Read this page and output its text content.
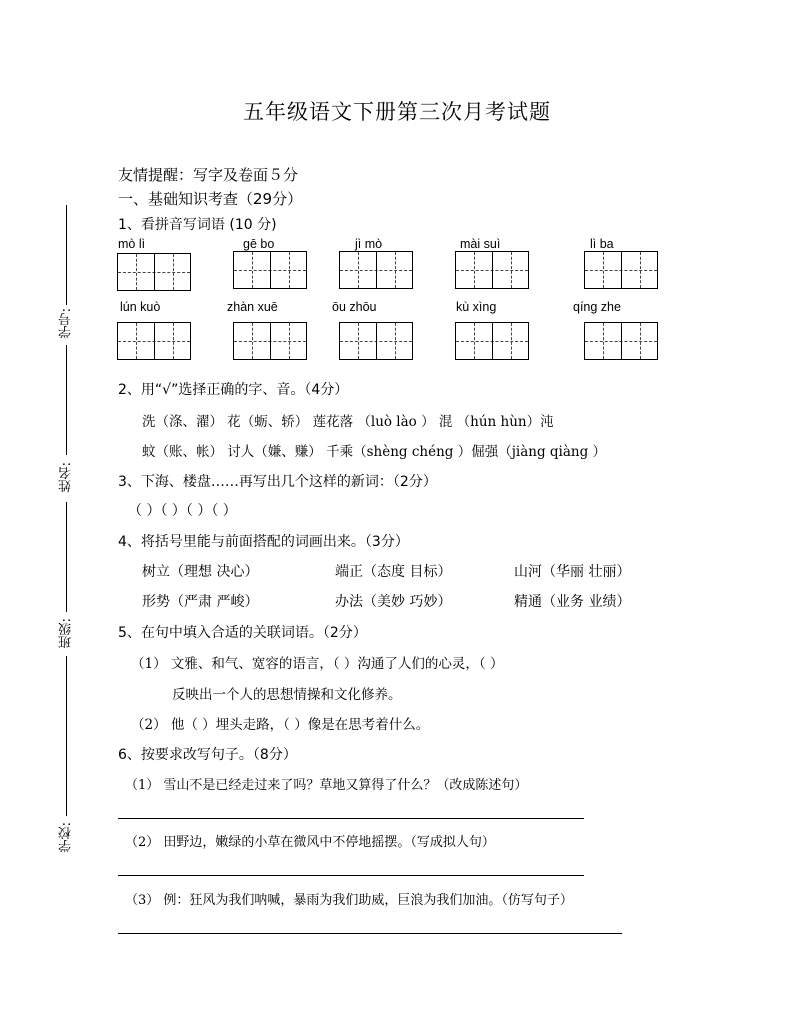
五年级语文下册第三次月考试题
友情提醒：写字及卷面５分
一、基础知识考查（29分）
学号:
姓名:
班级:
学校:
1、看拼音写词语 (10 分)
mò lì	gē bo	jì mò	mài suì	lì ba
lún kuò	zhàn xuē	ōu zhōu	kù xìng	qíng zhe
2、用“√”选择正确的字、音。（4分）
洗（涤、濯） 花（蛎、轿） 莲花落 （luò lào ） 混 （hún hùn）沌
蚊（账、帐） 讨人（嫌、赚） 千乘（shèng chéng ）倔强（jiàng qiàng ）
3、下海、楼盘……再写出几个这样的新词：（2分）
（ ）（ ）（ ）（ ）
4、将括号里能与前面搭配的词画出来。（3分）
树立（理想 决心）	端正（态度 目标）	山河（华丽 壮丽）
形势（严肃 严峻）	办法（美妙 巧妙）	精通（业务 业绩）
5、在句中填入合适的关联词语。（2分）
（1） 文雅、和气、宽容的语言，（ ）沟通了人们的心灵，（ ）
反映出一个人的思想情操和文化修养。
（2） 他（ ）埋头走路，（ ）像是在思考着什么。
6、按要求改写句子。（8分）
（1） 雪山不是已经走过来了吗？草地又算得了什么？（改成陈述句）
（2） 田野边，嫩绿的小草在微风中不停地摇摆。（写成拟人句）
（3） 例：狂风为我们呐喊，暴雨为我们助威，巨浪为我们加油。（仿写句子）
